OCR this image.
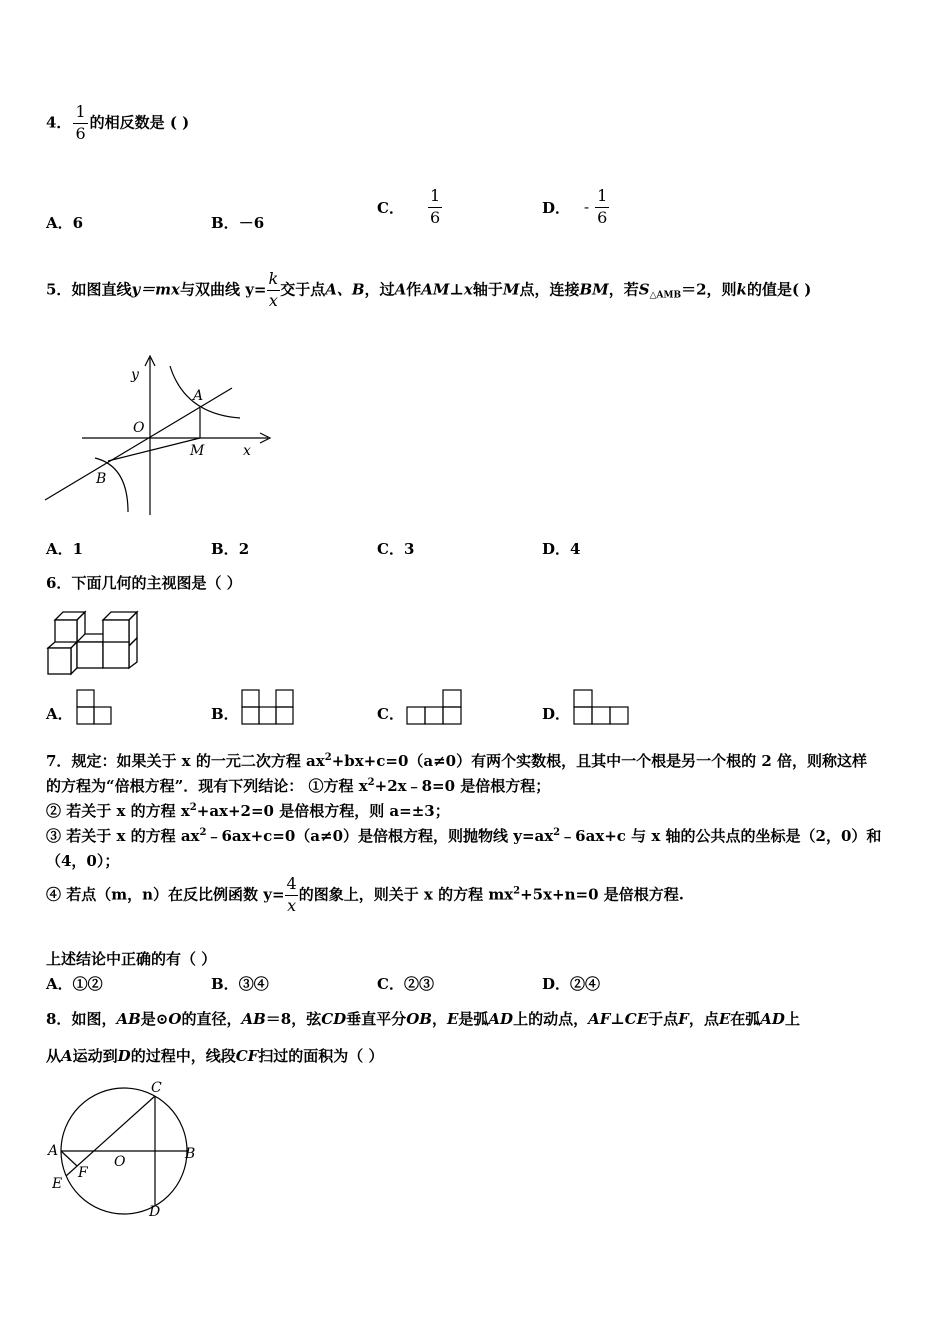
4． $\frac{1}{6}$ 的相反数是 ( )
A．6	B．－6
C． $\frac{1}{6}$	D． - $\frac{1}{6}$
5．如图直线y＝mx与双曲线 $y= \frac{k}{x}$ 交于点A、B，过A作AM⊥x轴于M点，连接BM，若$S_{\triangle AMB}=2$，则k的值是( )
y
O
A
M	x
B
A．1	B．2	C．3	D．4
6．下面几何的主视图是（ ）
A．	B．	C．	D．
7．规定：如果关于 x 的一元二次方程 $ax^2+bx+c=0(a\ne 0)$有两个实数根，且其中一个根是另一个根的 2 倍，则称这样
的方程为“倍根方程”．现有下列结论： ①方程 $x^2+2x﹣8=0$ 是倍根方程；
② 若关于 x 的方程 $x^2+ax+2=0$ 是倍根方程，则 a=±3；
③ 若关于 x 的方程 $ax^2﹣6ax+c=0(a\ne 0)$是倍根方程，则抛物线 $y=ax^2﹣6ax+c$ 与 x 轴的公共点的坐标是（2，0）和
（4，0）；
④ 若点（m，n）在反比例函数 $y= \frac{4}{x}$ 的图象上，则关于 x 的方程 $mx^2+5x+n=0$ 是倍根方程.
上述结论中正确的有（ ）
A．①②	B．③④	C．②③	D．②④
8．如图，AB是⊙O的直径，AB＝8，弦CD垂直平分OB，E是弧AD上的动点，AF⊥CE于点F，点E在弧AD上
从A运动到D的过程中，线段CF扫过的面积为（ ）
C
A
O	B
F
E
D
